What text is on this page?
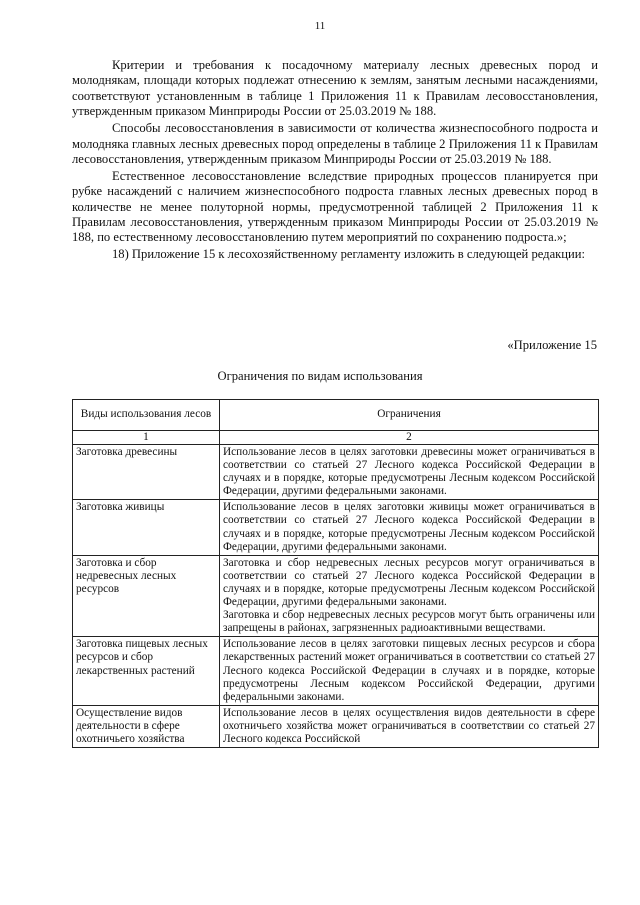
11

Критерии и требования к посадочному материалу лесных древесных пород и молоднякам, площади которых подлежат отнесению к землям, занятым лесными насаждениями, соответствуют установленным в таблице 1 Приложения 11 к Правилам лесовосстановления, утвержденным приказом Минприроды России от 25.03.2019 № 188.

Способы лесовосстановления в зависимости от количества жизнеспособного подроста и молодняка главных лесных древесных пород определены в таблице 2 Приложения 11 к Правилам лесовосстановления, утвержденным приказом Минприроды России от 25.03.2019 № 188.

Естественное лесовосстановление вследствие природных процессов планируется при рубке насаждений с наличием жизнеспособного подроста главных лесных древесных пород в количестве не менее полуторной нормы, предусмотренной таблицей 2 Приложения 11 к Правилам лесовосстановления, утвержденным приказом Минприроды России от 25.03.2019 № 188, по естественному лесовосстановлению путем мероприятий по сохранению подроста.»;

18) Приложение 15 к лесохозяйственному регламенту изложить в следующей редакции:

«Приложение 15
Ограничения по видам использования
Виды использования лесов	Ограничения
1	2
Заготовка древесины	Использование лесов в целях заготовки древесины может ограничиваться в соответствии со статьей 27 Лесного кодекса Российской Федерации в случаях и в порядке, которые предусмотрены Лесным кодексом Российской Федерации, другими федеральными законами.

Заготовка живицы	Использование лесов в целях заготовки живицы может ограничиваться в соответствии со статьей 27 Лесного кодекса Российской Федерации в случаях и в порядке, которые предусмотрены Лесным кодексом Российской Федерации, другими федеральными законами.

Заготовка и сбор недревесных лесных ресурсов	Заготовка и сбор недревесных лесных ресурсов могут ограничиваться в соответствии со статьей 27 Лесного кодекса Российской Федерации в случаях и в порядке, которые предусмотрены Лесным кодексом Российской Федерации, другими федеральными законами.
Заготовка и сбор недревесных лесных ресурсов могут быть ограничены или запрещены в районах, загрязненных радиоактивными веществами.

Заготовка пищевых лесных ресурсов и сбор лекарственных растений	Использование лесов в целях заготовки пищевых лесных ресурсов и сбора лекарственных растений может ограничиваться в соответствии со статьей 27 Лесного кодекса Российской Федерации в случаях и в порядке, которые предусмотрены Лесным кодексом Российской Федерации, другими федеральными законами.

Осуществление видов деятельности в сфере охотничьего хозяйства	Использование лесов в целях осуществления видов деятельности в сфере охотничьего хозяйства может ограничиваться в соответствии со статьей 27 Лесного кодекса Российской
